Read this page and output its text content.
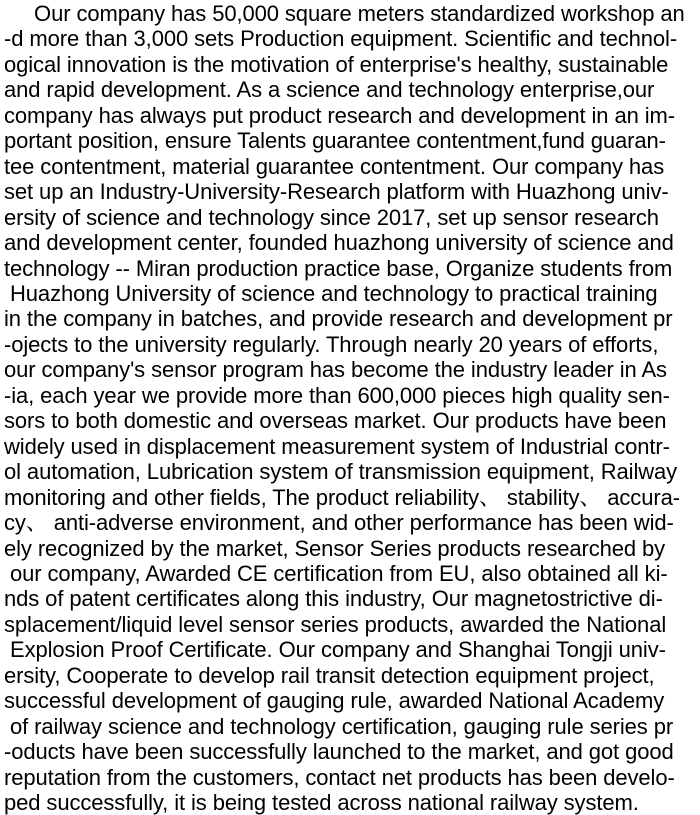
Our company has 50,000 square meters standardized workshop an
-d more than 3,000 sets Production equipment. Scientific and technol-
ogical innovation is the motivation of enterprise's healthy, sustainable
and rapid development. As a science and technology enterprise,our
company has always put product research and development in an im-
portant position, ensure Talents guarantee contentment,fund guaran-
tee contentment, material guarantee contentment. Our company has
set up an Industry-University-Research platform with Huazhong univ-
ersity of science and technology since 2017, set up sensor research
and development center, founded huazhong university of science and
technology -- Miran production practice base, Organize students from
Huazhong University of science and technology to practical training
in the company in batches, and provide research and development pr
-ojects to the university regularly. Through nearly 20 years of efforts,
our company's sensor program has become the industry leader in As
-ia, each year we provide more than 600,000 pieces high quality sen-
sors to both domestic and overseas market. Our products have been
widely used in displacement measurement system of Industrial contr-
ol automation, Lubrication system of transmission equipment, Railway
monitoring and other fields, The product reliability、 stability、 accura-
cy、 anti-adverse environment, and other performance has been wid-
ely recognized by the market, Sensor Series products researched by
our company, Awarded CE certification from EU, also obtained all ki-
nds of patent certificates along this industry, Our magnetostrictive di-
splacement/liquid level sensor series products, awarded the National
Explosion Proof Certificate. Our company and Shanghai Tongji univ-
ersity, Cooperate to develop rail transit detection equipment project,
successful development of gauging rule, awarded National Academy
of railway science and technology certification, gauging rule series pr
-oducts have been successfully launched to the market, and got good
reputation from the customers, contact net products has been develo-
ped successfully, it is being tested across national railway system.
